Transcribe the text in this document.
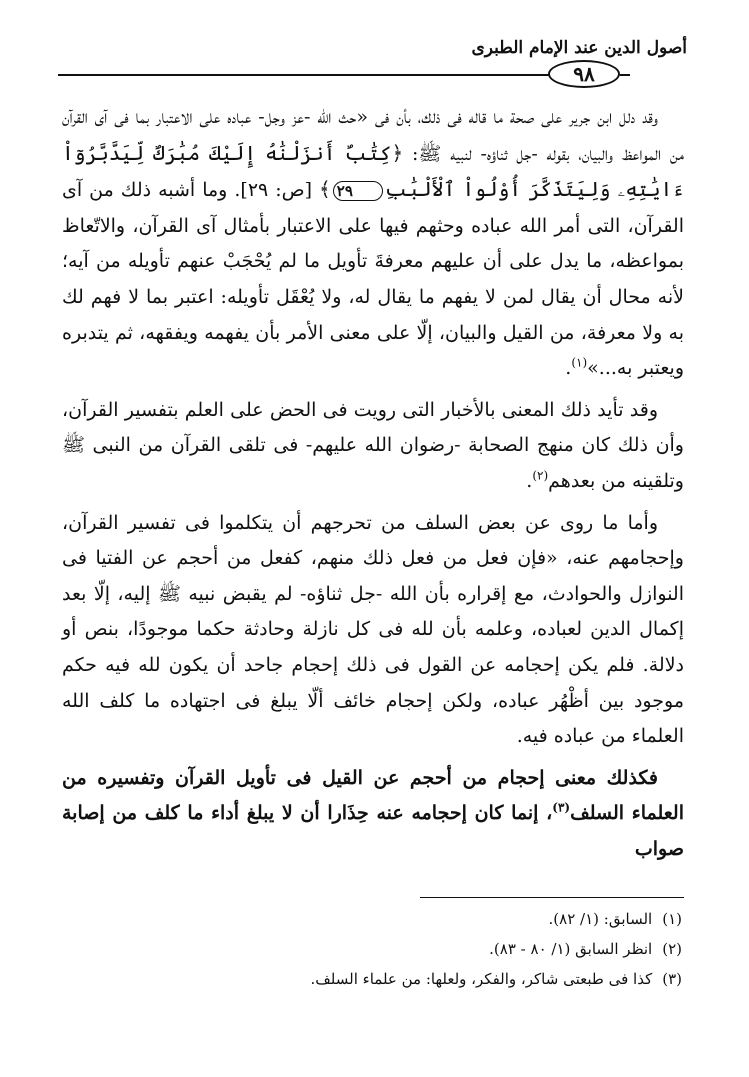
أصول الدين عند الإمام الطبرى
٩٨

وقد دلل ابن جرير على صحة ما قاله فى ذلك، بأن فى «حث الله -عز وجل- عباده على الاعتبار بما فى آى القرآن من المواعظ والبيان، بقوله -جل ثناؤه- لنبيه ﷺ: ﴿كِتَٰبٌ أَنزَلْنَٰهُ إِلَيْكَ مُبَٰرَكٌ لِّيَدَّبَّرُوٓاْ ءَايَٰتِهِۦ وَلِيَتَذَكَّرَ أُوْلُواْ ٱلْأَلْبَٰبِ٢٩﴾ [ص: ٢٩]. وما أشبه ذلك من آى القرآن، التى أمر الله عباده وحثهم فيها على الاعتبار بأمثال آى القرآن، والاتّعاظ بمواعظه، ما يدل على أن عليهم معرفةَ تأويل ما لم يُحْجَبْ عنهم تأويله من آيه؛ لأنه محال أن يقال لمن لا يفهم ما يقال له، ولا يُعْقَل تأويله: اعتبر بما لا فهم لك به ولا معرفة، من القيل والبيان، إلّا على معنى الأمر بأن يفهمه ويفقهه، ثم يتدبره ويعتبر به...»$^{(١)}$.

وقد تأيد ذلك المعنى بالأخبار التى رويت فى الحض على العلم بتفسير القرآن، وأن ذلك كان منهج الصحابة -رضوان الله عليهم- فى تلقى القرآن من النبى ﷺ وتلقينه من بعدهم$^{(٢)}$.

وأما ما روى عن بعض السلف من تحرجهم أن يتكلموا فى تفسير القرآن، وإحجامهم عنه، «فإن فعل من فعل ذلك منهم، كفعل من أحجم عن الفتيا فى النوازل والحوادث، مع إقراره بأن الله -جل ثناؤه- لم يقبض نبيه ﷺ إليه، إلّا بعد إكمال الدين لعباده، وعلمه بأن لله فى كل نازلة وحادثة حكما موجودًا، بنص أو دلالة. فلم يكن إحجامه عن القول فى ذلك إحجام جاحد أن يكون لله فيه حكم موجود بين أظْهُر عباده، ولكن إحجام خائف ألّا يبلغ فى اجتهاده ما كلف الله العلماء من عباده فيه.

فكذلك معنى إحجام من أحجم عن القيل فى تأويل القرآن وتفسيره من العلماء السلف$^{(٣)}$، إنما كان إحجامه عنه حِذَارا أن لا يبلغ أداء ما كلف من إصابة صواب

(١)السابق: (١/ ٨٢).

(٢)انظر السابق (١/ ٨٠ - ٨٣).

(٣)كذا فى طبعتى شاكر، والفكر، ولعلها: من علماء السلف.
